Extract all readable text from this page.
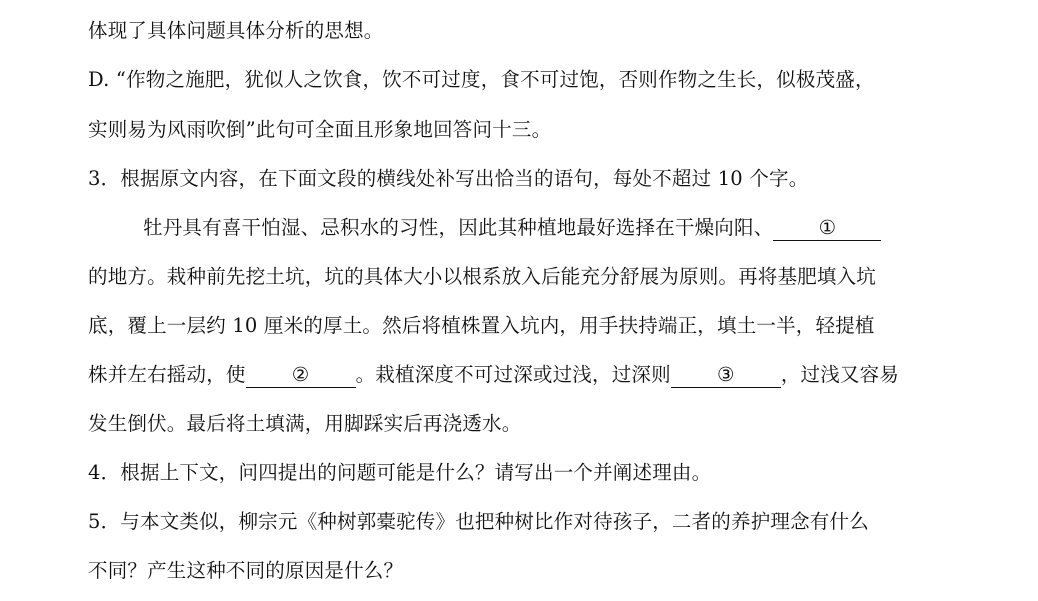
体现了具体问题具体分析的思想。
D. “作物之施肥，犹似人之饮食，饮不可过度，食不可过饱，否则作物之生长，似极茂盛，
实则易为风雨吹倒”此句可全面且形象地回答问十三。
3．根据原文内容，在下面文段的横线处补写出恰当的语句，每处不超过 10 个字。
牡丹具有喜干怕湿、忌积水的习性，因此其种植地最好选择在干燥向阳、 ①
的地方。栽种前先挖土坑，坑的具体大小以根系放入后能充分舒展为原则。再将基肥填入坑
底，覆上一层约 10 厘米的厚土。然后将植株置入坑内，用手扶持端正，填土一半，轻提植
株并左右摇动，使 ② 。栽植深度不可过深或过浅，过深则 ③ ，过浅又容易
发生倒伏。最后将土填满，用脚踩实后再浇透水。
4．根据上下文，问四提出的问题可能是什么？请写出一个并阐述理由。
5．与本文类似，柳宗元《种树郭橐驼传》也把种树比作对待孩子，二者的养护理念有什么
不同？产生这种不同的原因是什么？
